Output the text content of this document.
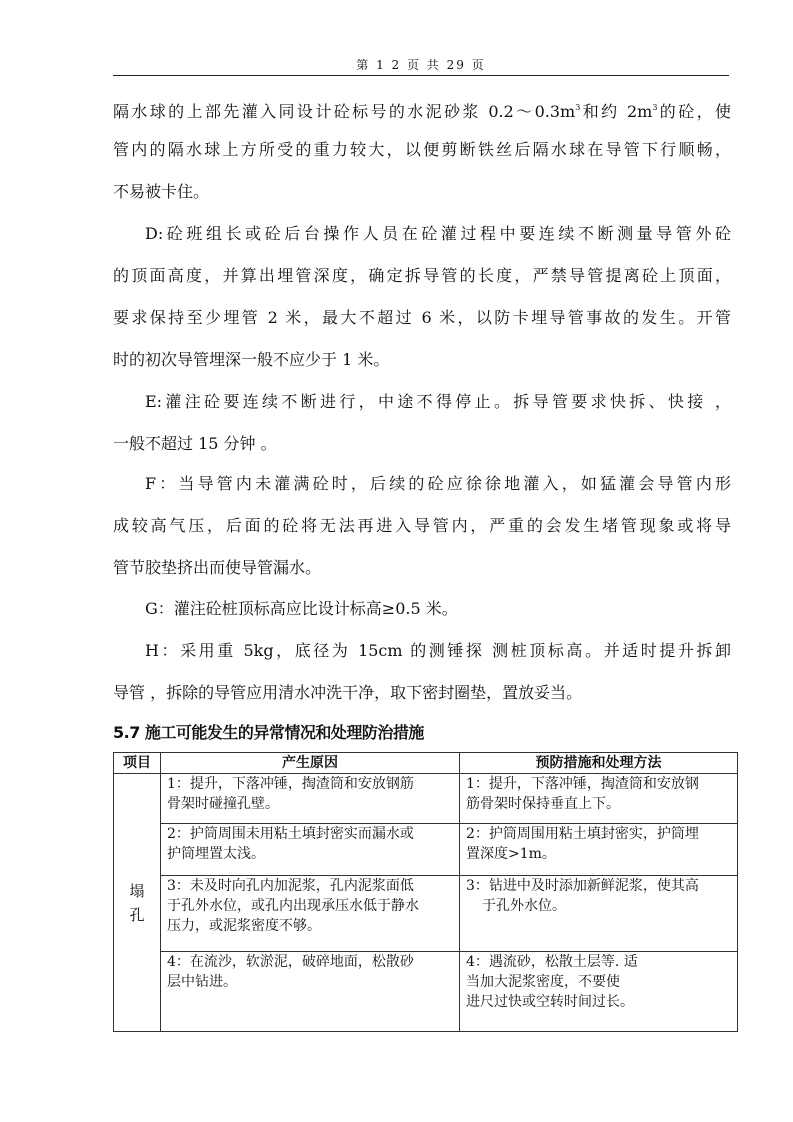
第 1 2 页 共 29 页
隔水球的上部先灌入同设计砼标号的水泥砂浆 $0.2\sim 0.3m^3$和约 $2m^3$的砼，使
管内的隔水球上方所受的重力较大，以便剪断铁丝后隔水球在导管下行顺畅，
不易被卡住。
D:砼班组长或砼后台操作人员在砼灌过程中要连续不断测量导管外砼
的顶面高度，并算出埋管深度，确定拆导管的长度，严禁导管提离砼上顶面，
要求保持至少埋管 2 米，最大不超过 6 米，以防卡埋导管事故的发生。开管
时的初次导管埋深一般不应少于 1 米。
E:灌注砼要连续不断进行，中途不得停止。拆导管要求快拆、快接 ，
一般不超过 15 分钟 。
F：当导管内未灌满砼时，后续的砼应徐徐地灌入，如猛灌会导管内形
成较高气压，后面的砼将无法再进入导管内，严重的会发生堵管现象或将导
管节胶垫挤出而使导管漏水。
G：灌注砼桩顶标高应比设计标高≥0.5 米。
H：采用重 5kg，底径为 15cm 的测锤探 测桩顶标高。并适时提升拆卸
导管 ，拆除的导管应用清水冲洗干净，取下密封圈垫，置放妥当。
5.7 施工可能发生的异常情况和处理防治措施
项目	产生原因	预防措施和处理方法

塌孔	1：提升，下落冲锤，掏渣筒和安放钢筋
骨架时碰撞孔壁。	1：提升，下落冲锤，掏渣筒和安放钢
筋骨架时保持垂直上下。

	2：护筒周围未用粘土填封密实而漏水或
护筒埋置太浅。	2：护筒周围用粘土填封密实，护筒埋
置深度>1m。

	3：未及时向孔内加泥浆，孔内泥浆面低
于孔外水位，或孔内出现承压水低于静水
压力，或泥浆密度不够。	3：钻进中及时添加新鲜泥浆，使其高
于孔外水位。

	4：在流沙，软淤泥，破碎地面，松散砂
层中钻进。	4：遇流砂，松散土层等. 适
当加大泥浆密度，不要使
进尺过快或空转时间过长。
